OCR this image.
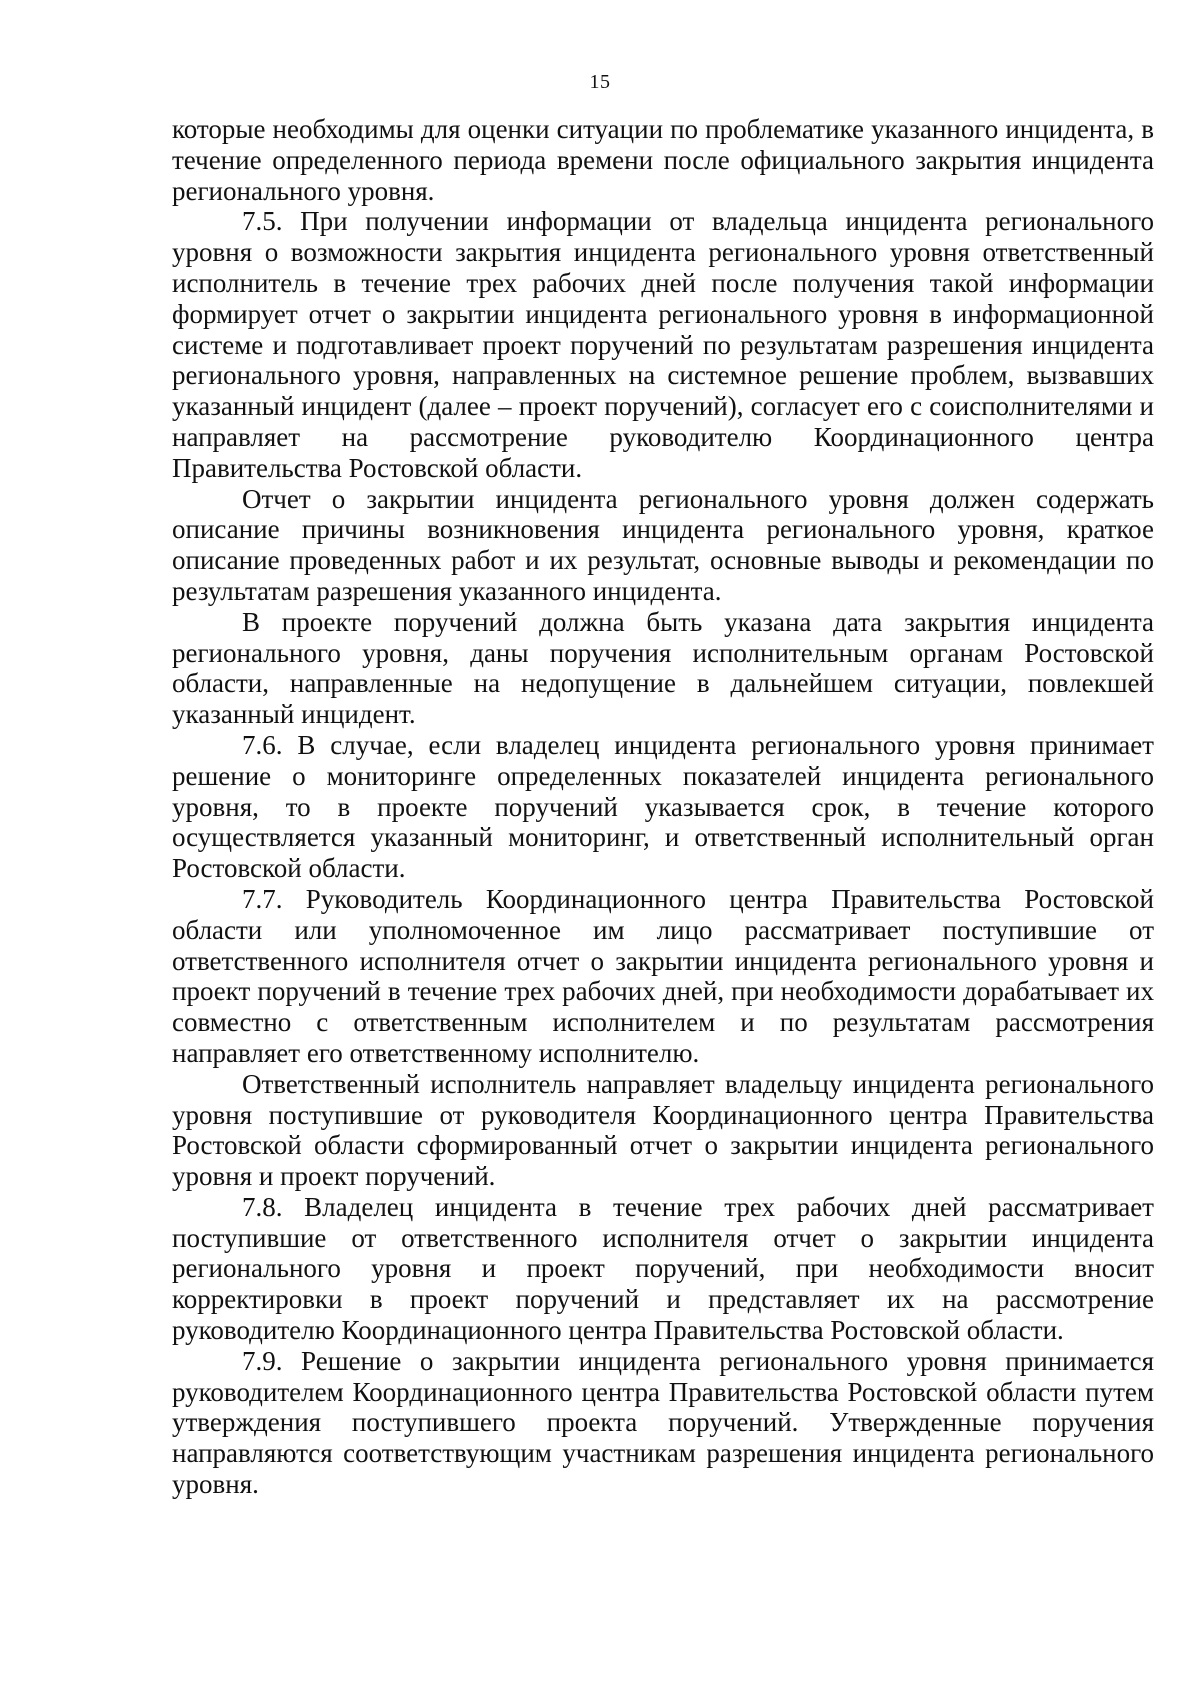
15

которые необходимы для оценки ситуации по проблематике указанного инцидента, в течение определенного периода времени после официального закрытия инцидента регионального уровня.

7.5. При получении информации от владельца инцидента регионального уровня о возможности закрытия инцидента регионального уровня ответственный исполнитель в течение трех рабочих дней после получения такой информации формирует отчет о закрытии инцидента регионального уровня в информационной системе и подготавливает проект поручений по результатам разрешения инцидента регионального уровня, направленных на системное решение проблем, вызвавших указанный инцидент (далее – проект поручений), согласует его с соисполнителями и направляет на рассмотрение руководителю Координационного центра Правительства Ростовской области.

Отчет о закрытии инцидента регионального уровня должен содержать описание причины возникновения инцидента регионального уровня, краткое описание проведенных работ и их результат, основные выводы и рекомендации по результатам разрешения указанного инцидента.

В проекте поручений должна быть указана дата закрытия инцидента регионального уровня, даны поручения исполнительным органам Ростовской области, направленные на недопущение в дальнейшем ситуации, повлекшей указанный инцидент.

7.6. В случае, если владелец инцидента регионального уровня принимает решение о мониторинге определенных показателей инцидента регионального уровня, то в проекте поручений указывается срок, в течение которого осуществляется указанный мониторинг, и ответственный исполнительный орган Ростовской области.

7.7. Руководитель Координационного центра Правительства Ростовской области или уполномоченное им лицо рассматривает поступившие от ответственного исполнителя отчет о закрытии инцидента регионального уровня и проект поручений в течение трех рабочих дней, при необходимости дорабатывает их совместно с ответственным исполнителем и по результатам рассмотрения направляет его ответственному исполнителю.

Ответственный исполнитель направляет владельцу инцидента регионального уровня поступившие от руководителя Координационного центра Правительства Ростовской области сформированный отчет о закрытии инцидента регионального уровня и проект поручений.

7.8. Владелец инцидента в течение трех рабочих дней рассматривает поступившие от ответственного исполнителя отчет о закрытии инцидента регионального уровня и проект поручений, при необходимости вносит корректировки в проект поручений и представляет их на рассмотрение руководителю Координационного центра Правительства Ростовской области.

7.9. Решение о закрытии инцидента регионального уровня принимается руководителем Координационного центра Правительства Ростовской области путем утверждения поступившего проекта поручений. Утвержденные поручения направляются соответствующим участникам разрешения инцидента регионального уровня.
